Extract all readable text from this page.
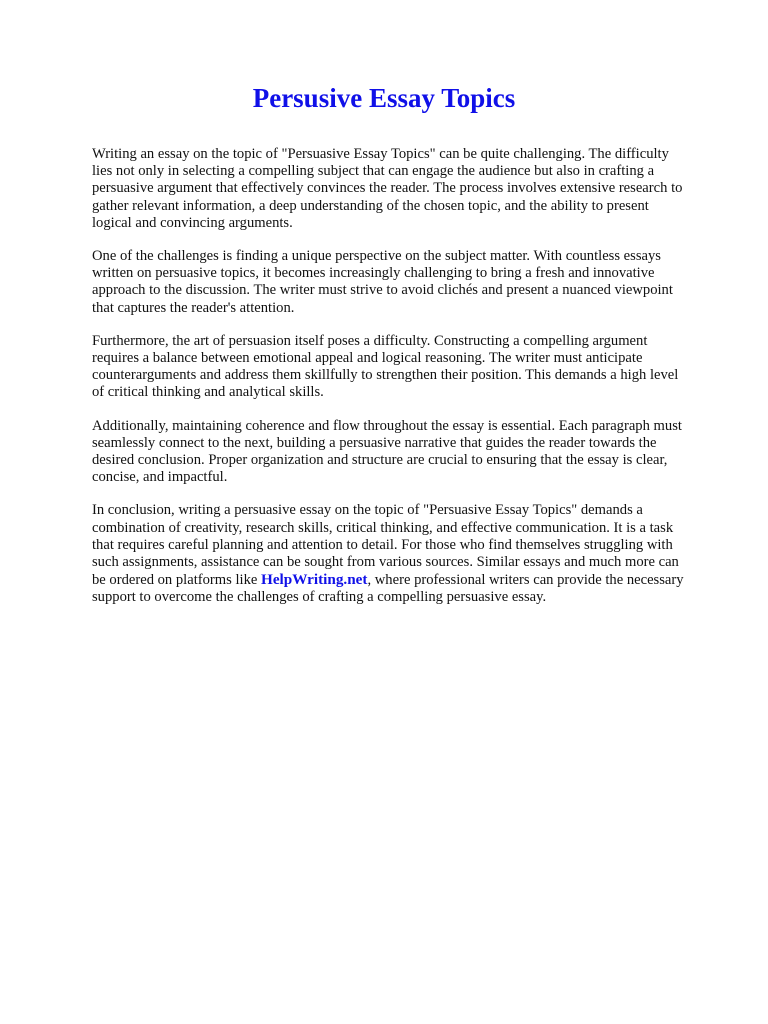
Persusive Essay Topics

Writing an essay on the topic of "Persuasive Essay Topics" can be quite challenging. The difficulty
lies not only in selecting a compelling subject that can engage the audience but also in crafting a
persuasive argument that effectively convinces the reader. The process involves extensive research to
gather relevant information, a deep understanding of the chosen topic, and the ability to present
logical and convincing arguments.

One of the challenges is finding a unique perspective on the subject matter. With countless essays
written on persuasive topics, it becomes increasingly challenging to bring a fresh and innovative
approach to the discussion. The writer must strive to avoid clichés and present a nuanced viewpoint
that captures the reader's attention.

Furthermore, the art of persuasion itself poses a difficulty. Constructing a compelling argument
requires a balance between emotional appeal and logical reasoning. The writer must anticipate
counterarguments and address them skillfully to strengthen their position. This demands a high level
of critical thinking and analytical skills.

Additionally, maintaining coherence and flow throughout the essay is essential. Each paragraph must
seamlessly connect to the next, building a persuasive narrative that guides the reader towards the
desired conclusion. Proper organization and structure are crucial to ensuring that the essay is clear,
concise, and impactful.

In conclusion, writing a persuasive essay on the topic of "Persuasive Essay Topics" demands a
combination of creativity, research skills, critical thinking, and effective communication. It is a task
that requires careful planning and attention to detail. For those who find themselves struggling with
such assignments, assistance can be sought from various sources. Similar essays and much more can
be ordered on platforms like HelpWriting.net, where professional writers can provide the necessary
support to overcome the challenges of crafting a compelling persuasive essay.
